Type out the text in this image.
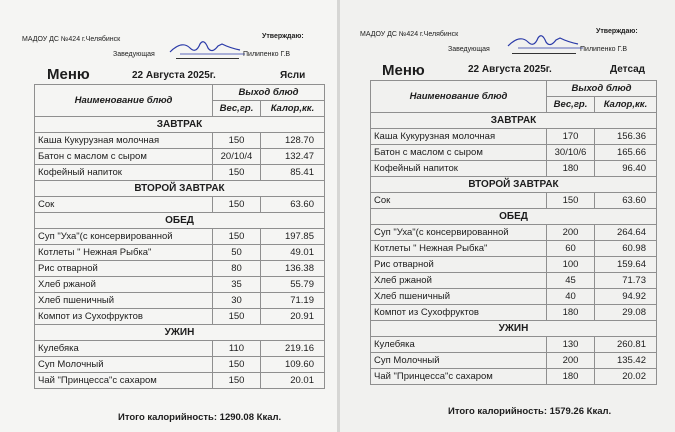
МАДОУ ДС №424 г.Челябинск	Утверждаю:
Заведующая	Пилипенко Г.В
Меню	22 Августа 2025г.	Ясли
Наименование блюд	Выход блюд	
	Вес,гр.	Калор,кк.
ЗАВТРАК		
Каша Кукурузная молочная	150	128.70
Батон с маслом с сыром	20/10/4	132.47
Кофейный напиток	150	85.41
ВТОРОЙ ЗАВТРАК		
Сок	150	63.60
ОБЕД		
Суп "Уха"(с консервированной	150	197.85
Котлеты " Нежная Рыбка"	50	49.01
Рис отварной	80	136.38
Хлеб ржаной	35	55.79
Хлеб пшеничный	30	71.19
Компот из Сухофруктов	150	20.91
УЖИН		
Кулебяка	110	219.16
Суп Молочный	150	109.60
Чай "Принцесса"с сахаром	150	20.01
Итого калорийность: 1290.08 Ккал.
МАДОУ ДС №424 г.Челябинск	Утверждаю:
Заведующая	Пилипенко Г.В
Меню	22 Августа 2025г.	Детсад
Наименование блюд	Выход блюд	
	Вес,гр.	Калор,кк.
ЗАВТРАК		
Каша Кукурузная молочная	170	156.36
Батон с маслом с сыром	30/10/6	165.66
Кофейный напиток	180	96.40
ВТОРОЙ ЗАВТРАК		
Сок	150	63.60
ОБЕД		
Суп "Уха"(с консервированной	200	264.64
Котлеты " Нежная Рыбка"	60	60.98
Рис отварной	100	159.64
Хлеб ржаной	45	71.73
Хлеб пшеничный	40	94.92
Компот из Сухофруктов	180	29.08
УЖИН		
Кулебяка	130	260.81
Суп Молочный	200	135.42
Чай "Принцесса"с сахаром	180	20.02
Итого калорийность: 1579.26 Ккал.
